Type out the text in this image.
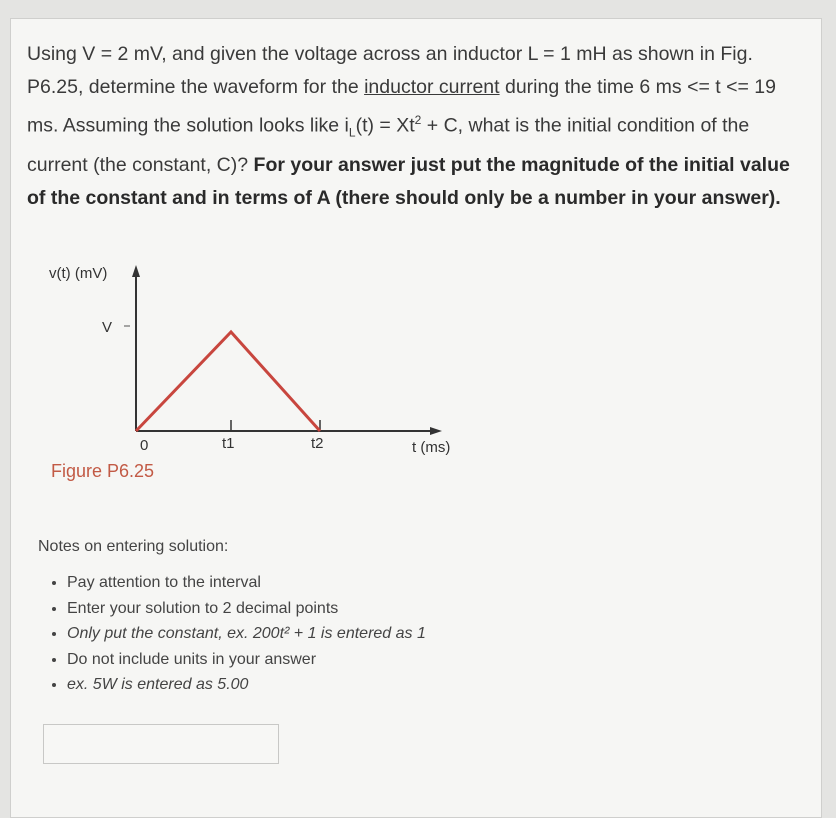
Using V = 2 mV, and given the voltage across an inductor L = 1 mH as shown in Fig. P6.25, determine the waveform for the inductor current during the time 6 ms <= t <= 19 ms. Assuming the solution looks like $i_L(t) = Xt^2 + C$, what is the initial condition of the current (the constant, C)? For your answer just put the magnitude of the initial value of the constant and in terms of A (there should only be a number in your answer).
v(t) (mV)
V
0	t1	t2	t (ms)
Figure P6.25
Notes on entering solution:
• Pay attention to the interval
• Enter your solution to 2 decimal points
• Only put the constant, ex. 200t² + 1 is entered as 1
• Do not include units in your answer
• ex. 5W is entered as 5.00
